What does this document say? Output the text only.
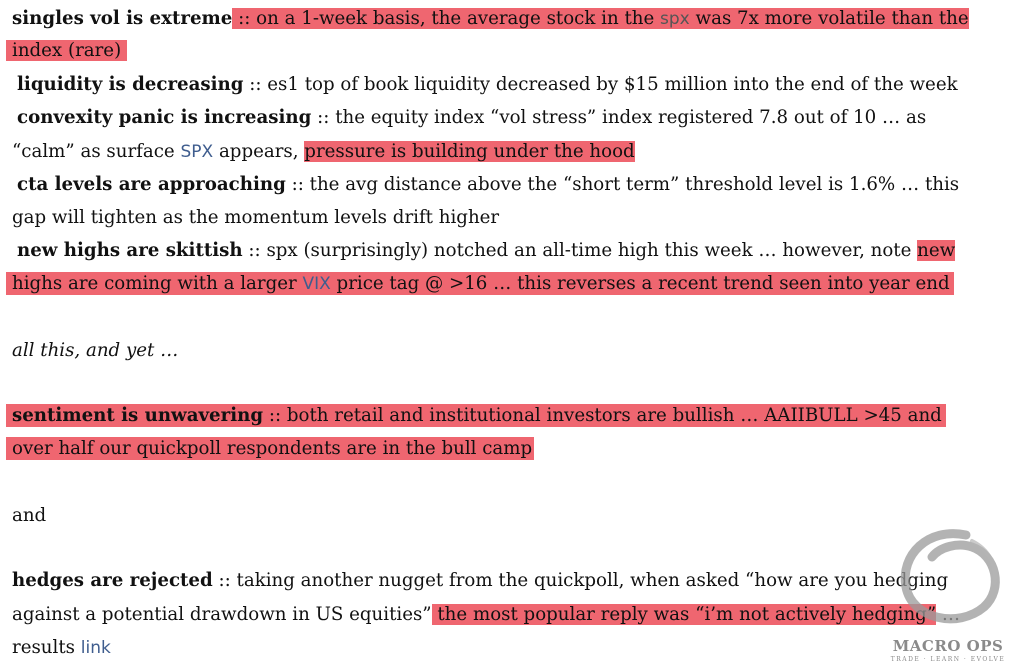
singles vol is extreme :: on a 1-week basis, the average stock in the spx was 7x more volatile than the
index (rare)
liquidity is decreasing :: es1 top of book liquidity decreased by $15 million into the end of the week
convexity panic is increasing :: the equity index “vol stress” index registered 7.8 out of 10 … as
“calm” as surface SPX appears, pressure is building under the hood
cta levels are approaching :: the avg distance above the “short term” threshold level is 1.6% … this
gap will tighten as the momentum levels drift higher
new highs are skittish :: spx (surprisingly) notched an all-time high this week … however, note new
highs are coming with a larger VIX price tag @ >16 … this reverses a recent trend seen into year end
all this, and yet …
sentiment is unwavering :: both retail and institutional investors are bullish … AAIIBULL >45 and
over half our quickpoll respondents are in the bull camp
and
hedges are rejected :: taking another nugget from the quickpoll, when asked “how are you hedging
against a potential drawdown in US equities” the most popular reply was “i’m not actively hedging” …
results link	MACRO OPS
TRADE · LEARN · EVOLVE
